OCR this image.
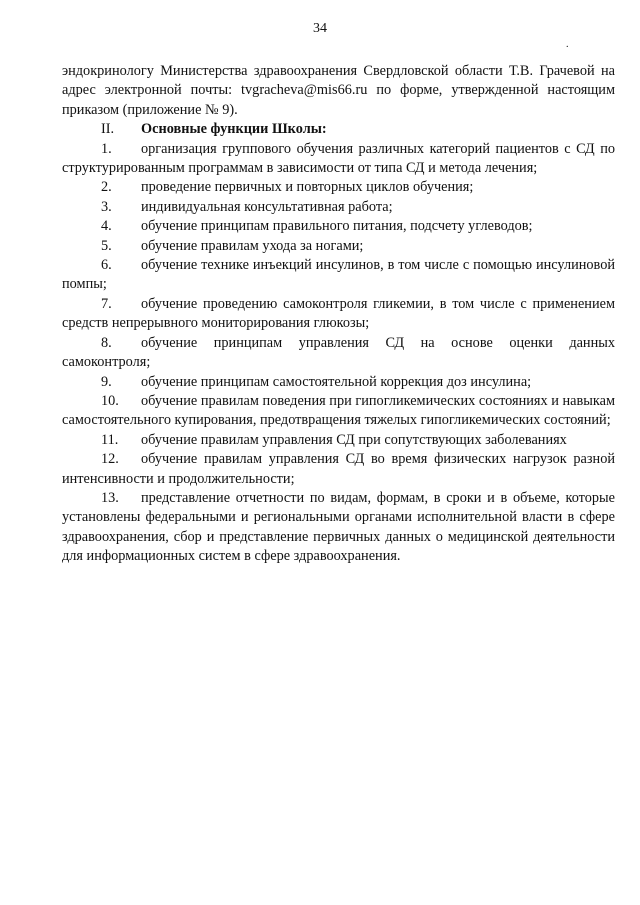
34
.

эндокринологу Министерства здравоохранения Свердловской области Т.В. Грачевой на адрес электронной почты: tvgracheva@mis66.ru по форме, утвержденной настоящим приказом (приложение № 9).

II. Основные функции Школы:

1. организация группового обучения различных категорий пациентов с СД по структурированным программам в зависимости от типа СД и метода лечения;

2. проведение первичных и повторных циклов обучения;

3. индивидуальная консультативная работа;

4. обучение принципам правильного питания, подсчету углеводов;

5. обучение правилам ухода за ногами;

6. обучение технике инъекций инсулинов, в том числе с помощью инсулиновой помпы;

7. обучение проведению самоконтроля гликемии, в том числе с применением средств непрерывного мониторирования глюкозы;

8. обучение принципам управления СД на основе оценки данных самоконтроля;

9. обучение принципам самостоятельной коррекция доз инсулина;

10. обучение правилам поведения при гипогликемических состояниях и навыкам самостоятельного купирования, предотвращения тяжелых гипогликемических состояний;

11. обучение правилам управления СД при сопутствующих заболеваниях

12. обучение правилам управления СД во время физических нагрузок разной интенсивности и продолжительности;

13. представление отчетности по видам, формам, в сроки и в объеме, которые установлены федеральными и региональными органами исполнительной власти в сфере здравоохранения, сбор и представление первичных данных о медицинской деятельности для информационных систем в сфере здравоохранения.
